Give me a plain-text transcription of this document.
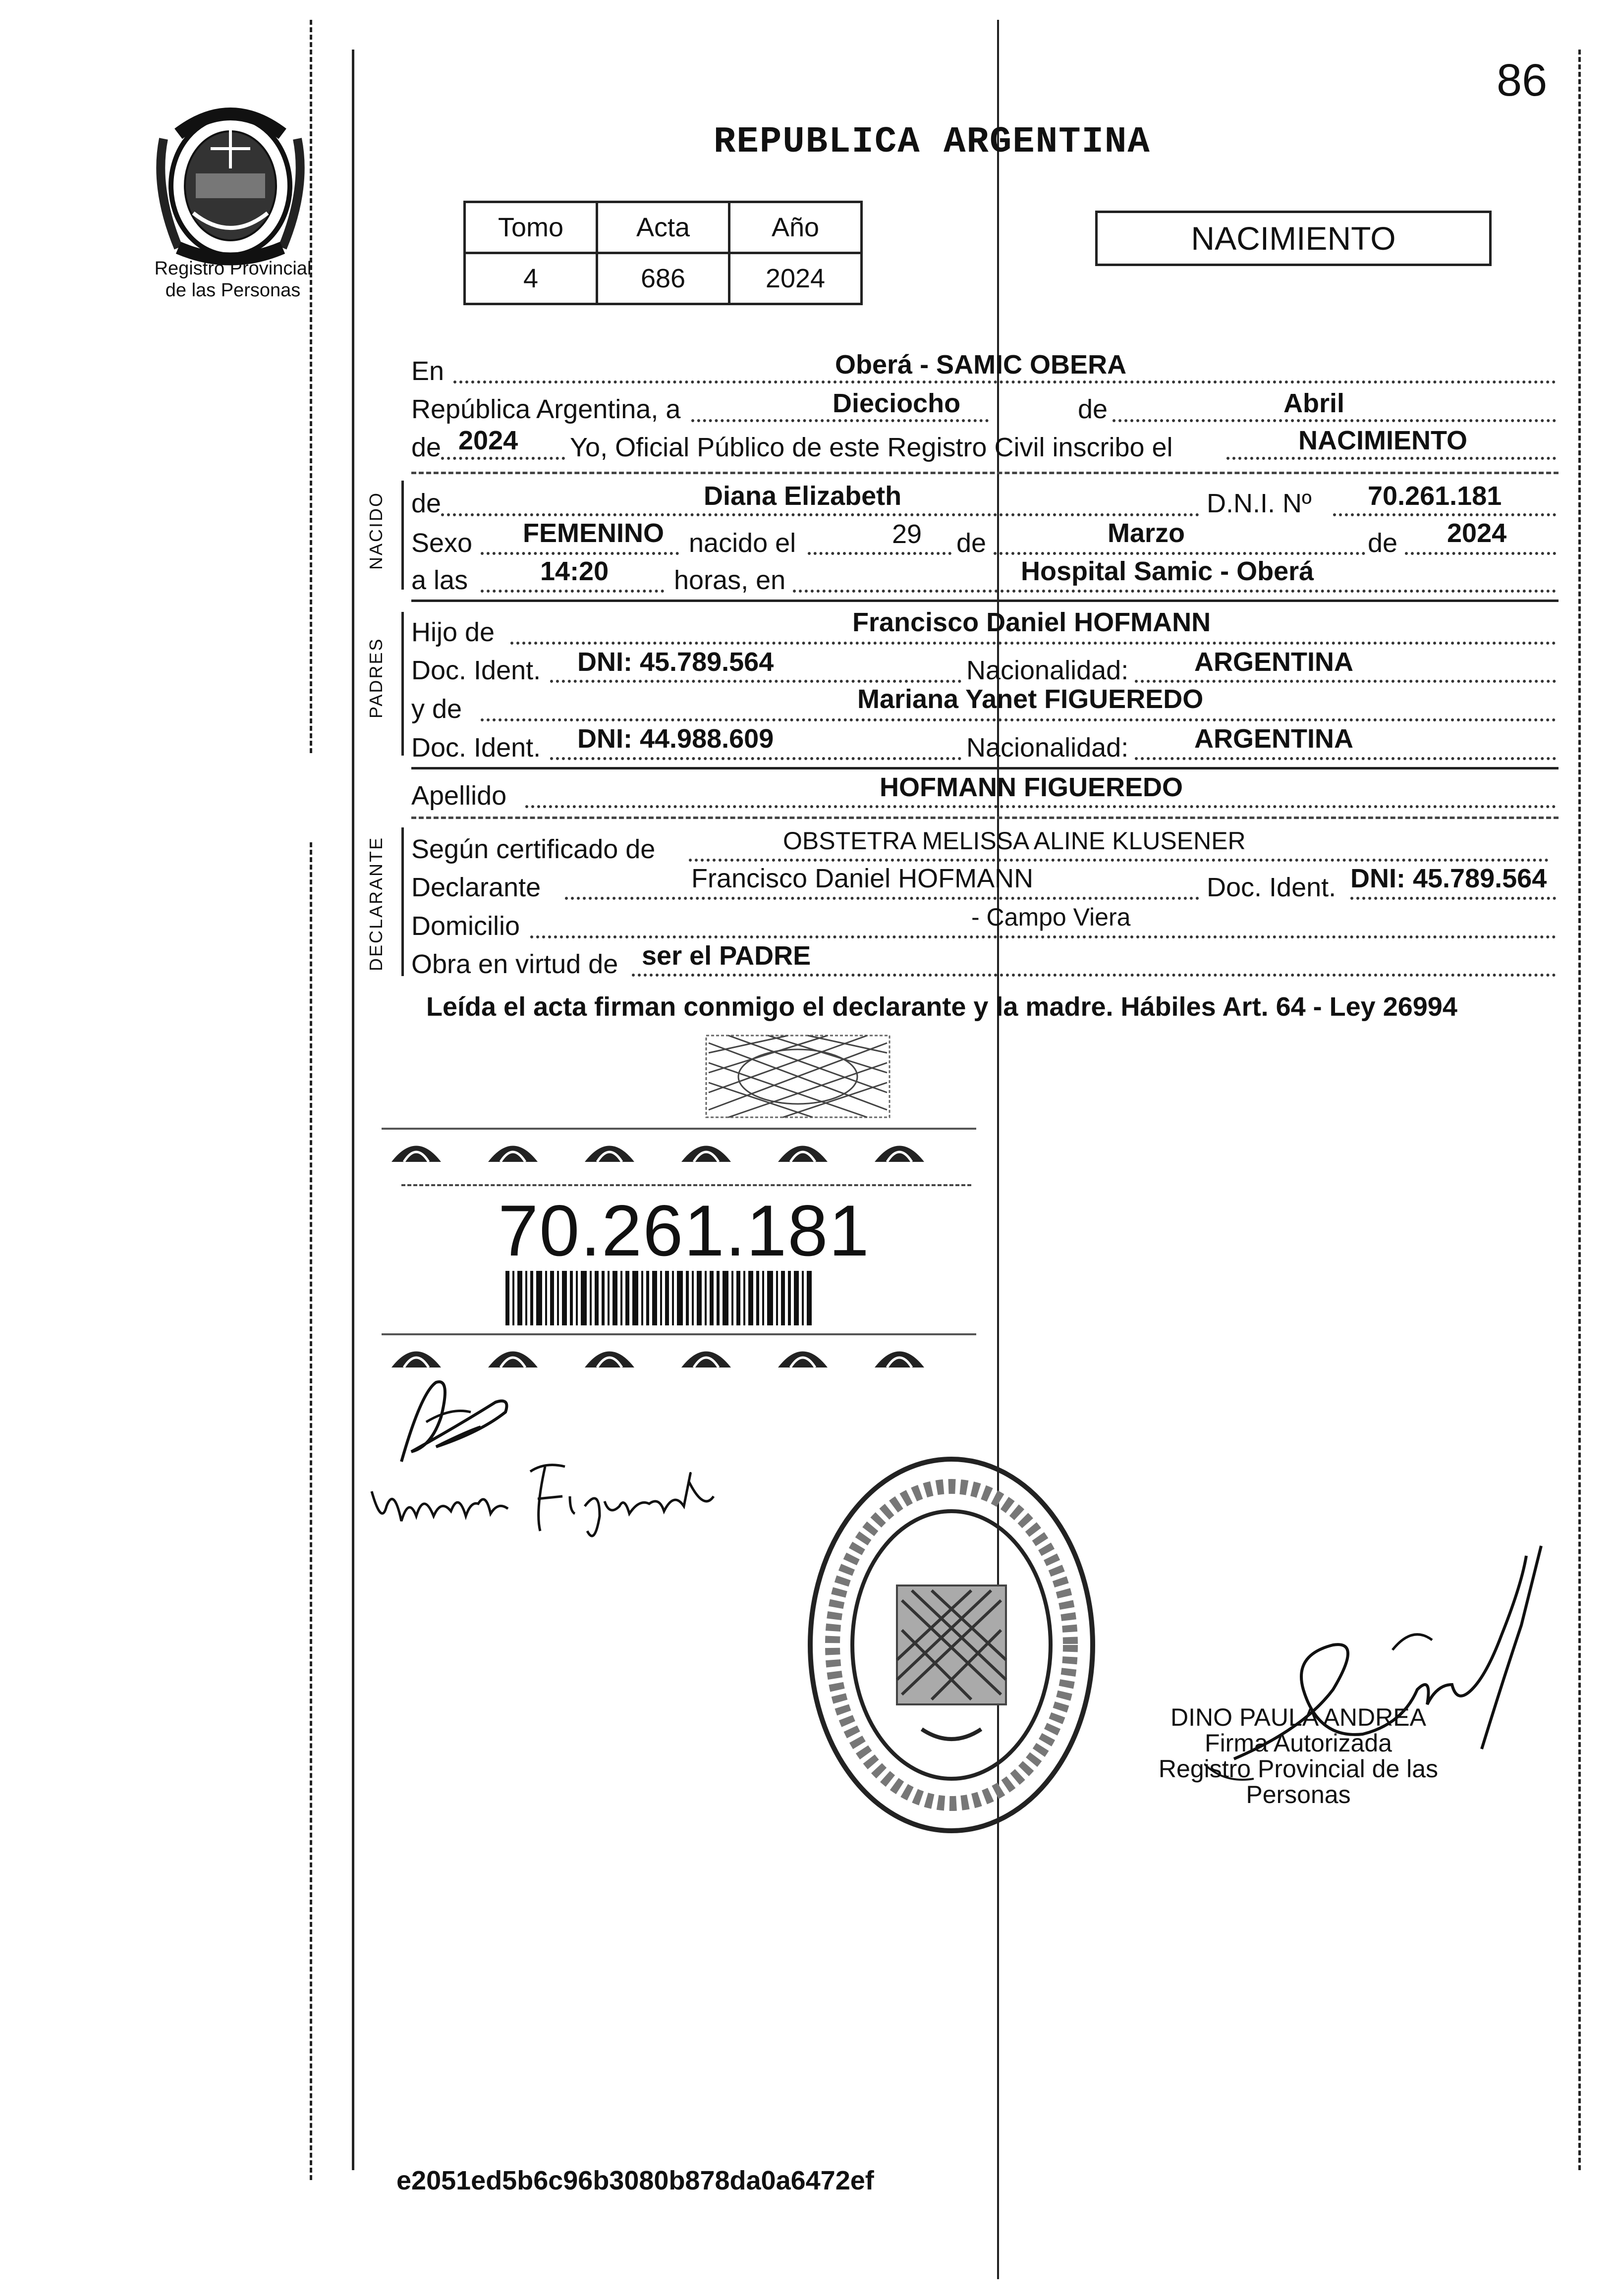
86
Registro Provincial
de las Personas
REPUBLICA ARGENTINA
Tomo	Acta	Año
4	686	2024
NACIMIENTO
En	Oberá - SAMIC OBERA
República Argentina, a	Dieciocho	de	Abril
de 2024 Yo, Oficial Público de este Registro Civil inscribo el	NACIMIENTO
NACIDO de	Diana Elizabeth	D.N.I. Nº 70.261.181
Sexo FEMENINO nacido el	29 de	Marzo	de 2024
a las	14:20 horas, en	Hospital Samic - Oberá
PADRES
Hijo de	Francisco Daniel HOFMANN
Doc. Ident. DNI: 45.789.564	Nacionalidad: ARGENTINA
y de	Mariana Yanet FIGUEREDO
Doc. Ident. DNI: 44.988.609	Nacionalidad: ARGENTINA
Apellido	HOFMANN FIGUEREDO
DECLARANTE Según certificado de	OBSTETRA MELISSA ALINE KLUSENER
Declarante	Francisco Daniel HOFMANN	Doc. Ident. DNI: 45.789.564
Domicilio	- Campo Viera
Obra en virtud de ser el PADRE
Leída el acta firman conmigo el declarante y la madre. Hábiles Art. 64 - Ley 26994
70.261.181
DINO PAULA ANDREA
Firma Autorizada
Registro Provincial de las
Personas
e2051ed5b6c96b3080b878da0a6472ef
